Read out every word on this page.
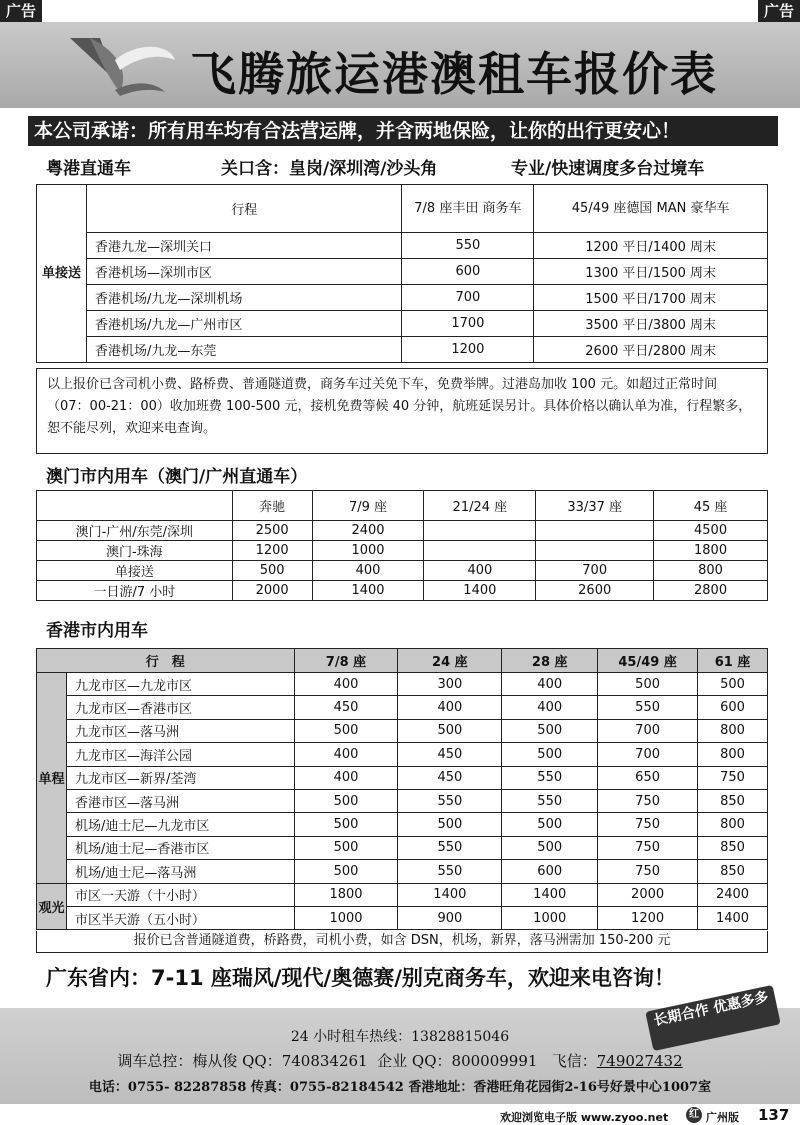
广告	广告
飞腾旅运港澳租车报价表
本公司承诺：所有用车均有合法营运牌，并含两地保险，让你的出行更安心！
粤港直通车	关口含：皇岗/深圳湾/沙头角	专业/快速调度多台过境车
单接送	行程	7/8 座丰田 商务车	45/49 座德国 MAN 豪华车
	香港九龙—深圳关口	550	1200 平日/1400 周末
	香港机场—深圳市区	600	1300 平日/1500 周末
	香港机场/九龙—深圳机场	700	1500 平日/1700 周末
	香港机场/九龙—广州市区	1700	3500 平日/3800 周末
	香港机场/九龙—东莞	1200	2600 平日/2800 周末
以上报价已含司机小费、路桥费、普通隧道费，商务车过关免下车，免费举牌。过港岛加收 100 元。如超过正常时间（07：00-21：00）收加班费 100-500 元，接机免费等候 40 分钟，航班延误另计。具体价格以确认单为准，行程繁多，恕不能尽列，欢迎来电查询。
澳门市内用车（澳门/广州直通车）
	奔驰	7/9 座	21/24 座	33/37 座	45 座
澳门-广州/东莞/深圳	2500	2400			4500
澳门-珠海	1200	1000			1800
单接送	500	400	400	700	800
一日游/7 小时	2000	1400	1400	2600	2800
香港市内用车
行　程		7/8 座	24 座	28 座	45/49 座	61 座
单程	九龙市区—九龙市区	400	300	400	500	500
	九龙市区—香港市区	450	400	400	550	600
	九龙市区—落马洲	500	500	500	700	800
	九龙市区—海洋公园	400	450	500	700	800
	九龙市区—新界/荃湾	400	450	550	650	750
	香港市区—落马洲	500	550	550	750	850
	机场/迪士尼—九龙市区	500	500	500	750	800
	机场/迪士尼—香港市区	500	550	500	750	850
	机场/迪士尼—落马洲	500	550	600	750	850
观光	市区一天游（十小时）	1800	1400	1400	2000	2400
	市区半天游（五小时）	1000	900	1000	1200	1400
报价已含普通隧道费，桥路费，司机小费，如含 DSN，机场，新界，落马洲需加 150-200 元
广东省内：7-11 座瑞风/现代/奥德赛/别克商务车，欢迎来电咨询！
24 小时租车热线：13828815046
调车总控：梅从俊 QQ：740834261 企业 QQ：800009991 飞信：749027432
电话：0755- 82287858 传真：0755-82184542 香港地址：香港旺角花园街2-16号好景中心1007室
长期合作 优惠多多
欢迎浏览电子版 www.zyoo.net	红 广州版 137
